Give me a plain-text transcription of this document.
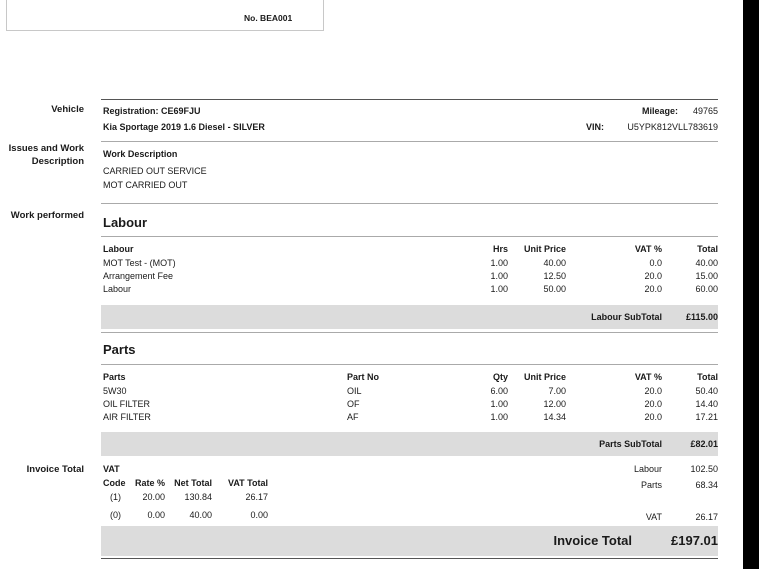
No. BEA001
Vehicle Registration: CE69FJU
Kia Sportage 2019 1.6 Diesel - SILVER
Mileage:	49765
VIN:	U5YPK812VLL783619
Issues and Work Description
Work Description
CARRIED OUT SERVICE
MOT CARRIED OUT
Work performed Labour
Labour	Hrs	Unit Price	VAT %	Total
MOT Test - (MOT)	1.00	40.00	0.0	40.00
Arrangement Fee	1.00	12.50	20.0	15.00
Labour	1.00	50.00	20.0	60.00
Labour SubTotal	£115.00
Parts
Parts	Part No	Qty	Unit Price	VAT %	Total
5W30	OIL	6.00	7.00	20.0	50.40
OIL FILTER	OF	1.00	12.00	20.0	14.40
AIR FILTER	AF	1.00	14.34	20.0	17.21
Parts SubTotal	£82.01
Invoice Total VAT
Code	Rate %	Net Total	VAT Total
(1)	20.00	130.84	26.17
(0)	0.00	40.00	0.00
Labour	102.50
Parts	68.34
VAT	26.17
Invoice Total	£197.01
